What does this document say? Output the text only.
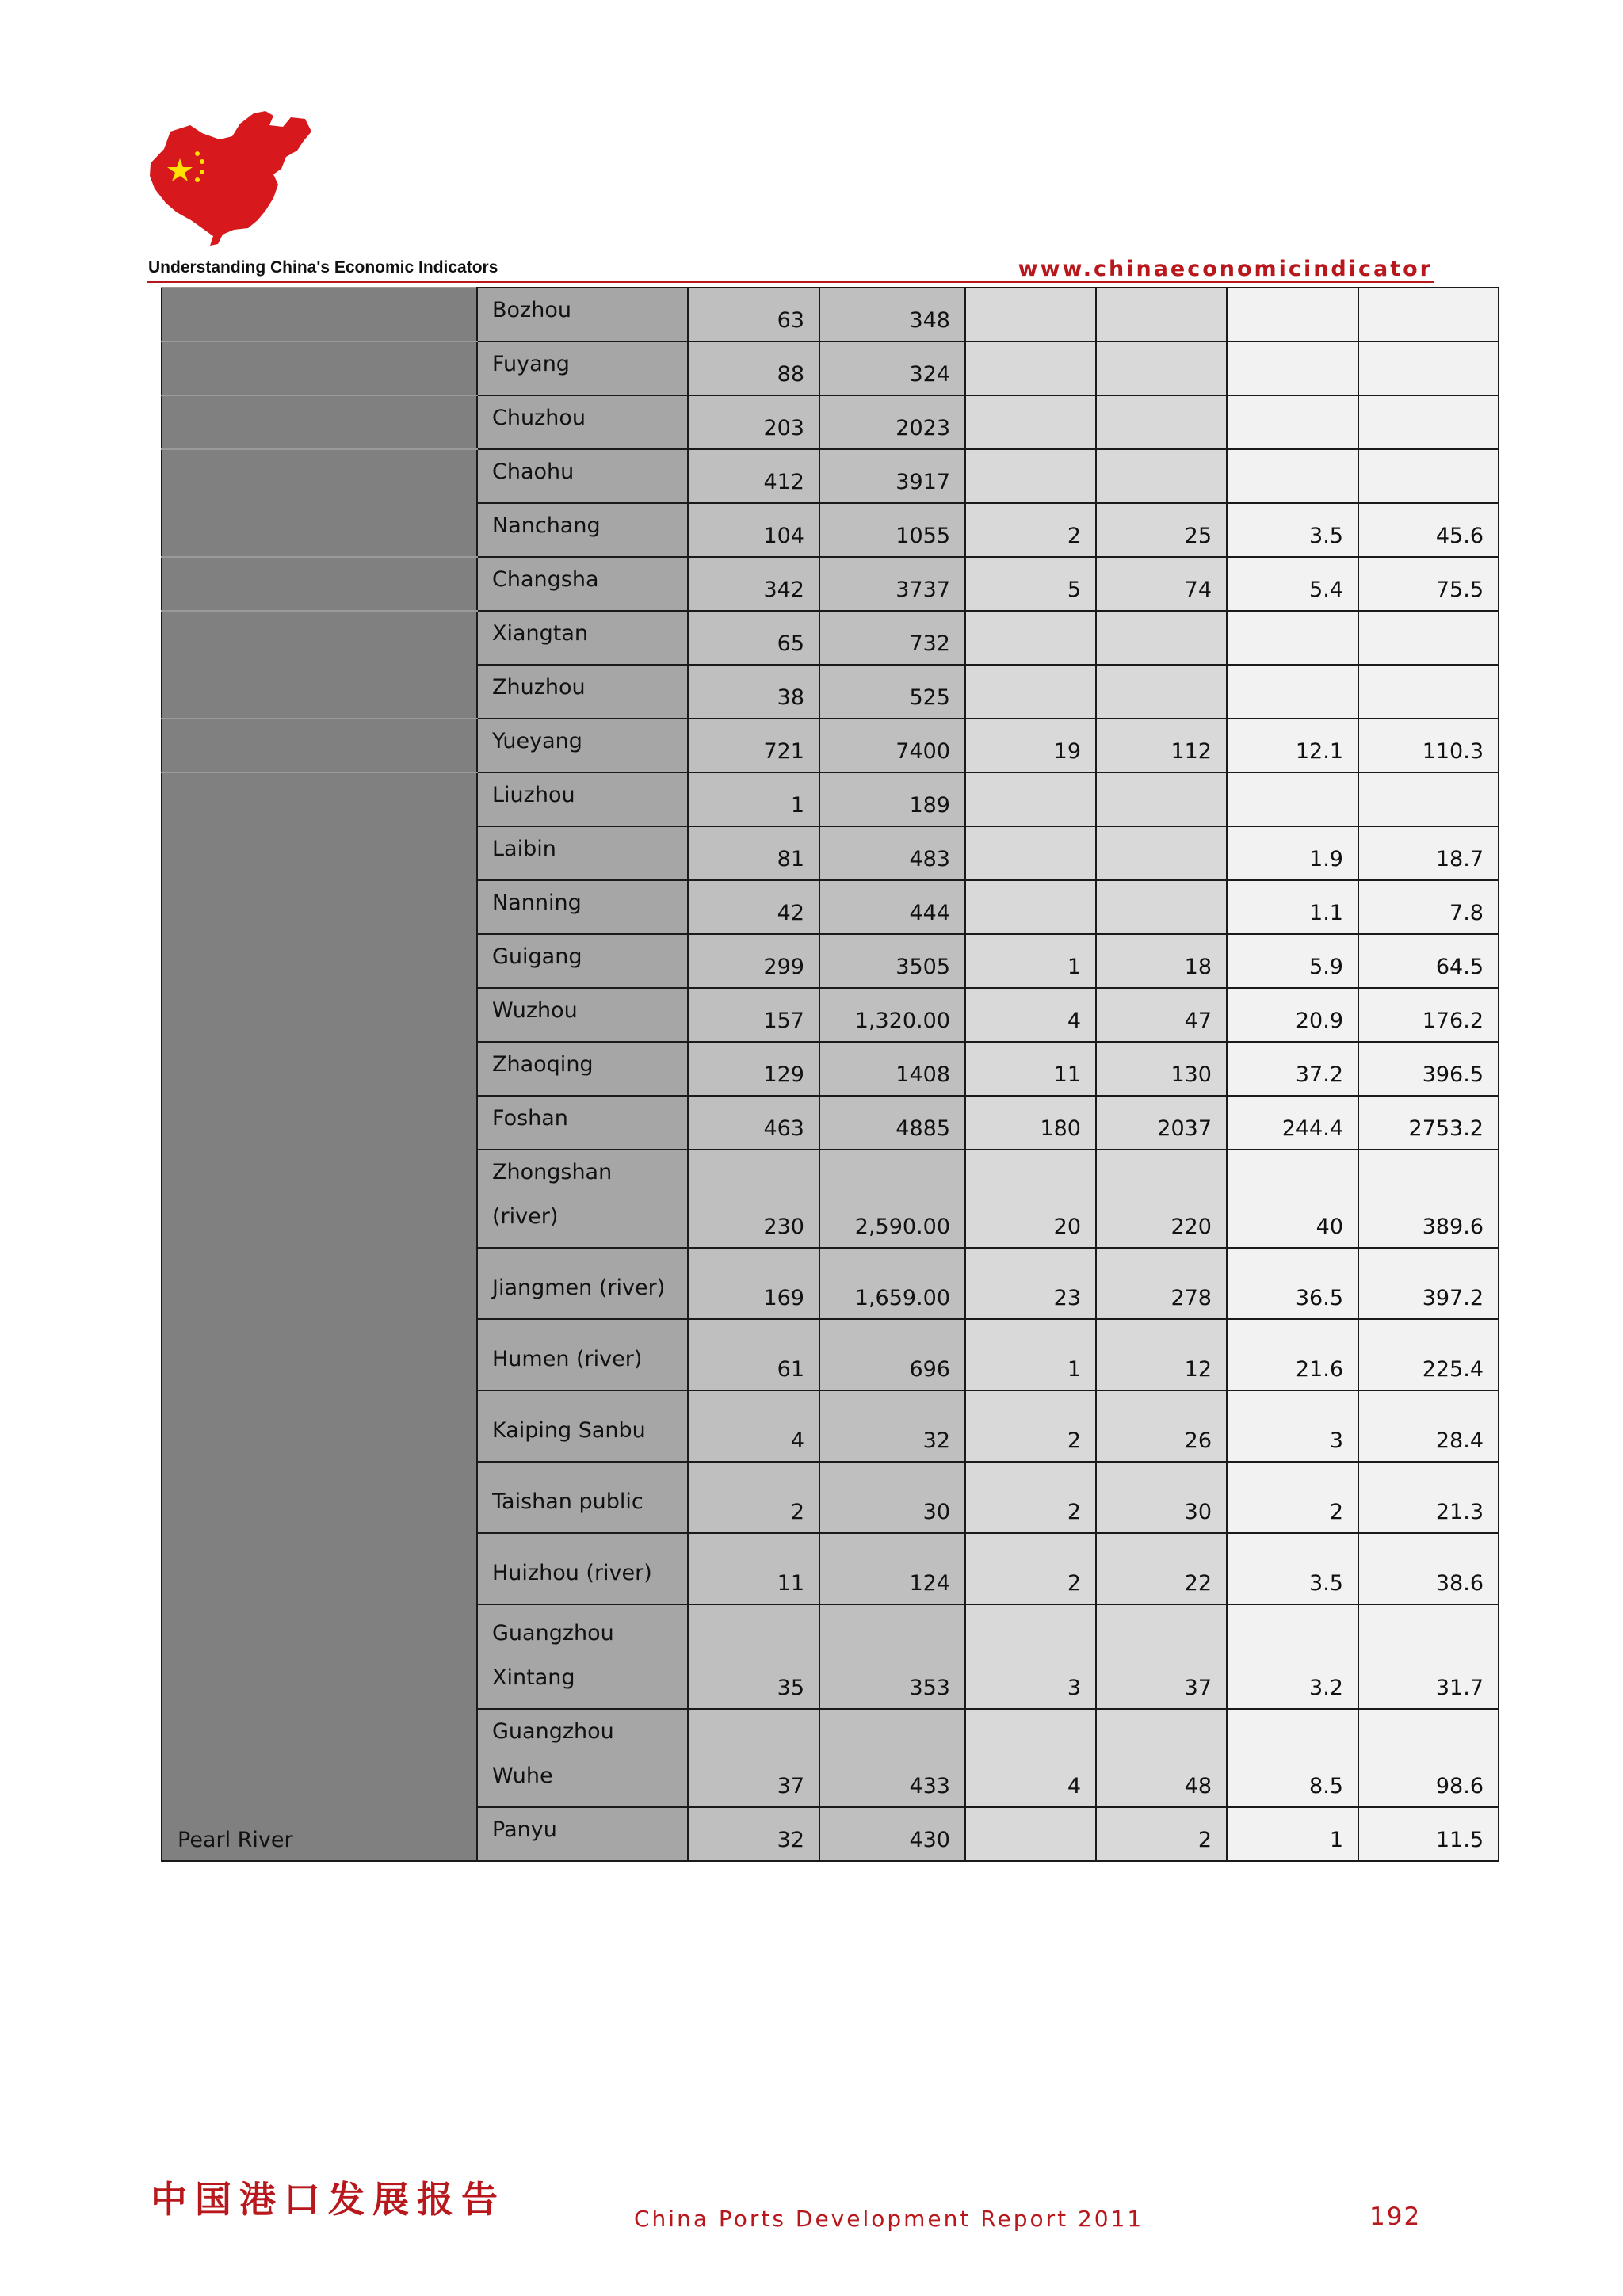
Understanding China's Economic Indicators	www.chinaeconomicindicator
	Bozhou	63	348				
	Fuyang	88	324				
	Chuzhou	203	2023				
	Chaohu	412	3917				
	Nanchang	104	1055	2	25	3.5	45.6
	Changsha	342	3737	5	74	5.4	75.5
	Xiangtan	65	732				
	Zhuzhou	38	525				
	Yueyang	721	7400	19	112	12.1	110.3
Pearl River	Liuzhou	1	189				
	Laibin	81	483			1.9	18.7
	Nanning	42	444			1.1	7.8
	Guigang	299	3505	1	18	5.9	64.5
	Wuzhou	157	1,320.00	4	47	20.9	176.2
	Zhaoqing	129	1408	11	130	37.2	396.5
	Foshan	463	4885	180	2037	244.4	2753.2
	Zhongshan (river)	230	2,590.00	20	220	40	389.6
	Jiangmen (river)	169	1,659.00	23	278	36.5	397.2
	Humen (river)	61	696	1	12	21.6	225.4
	Kaiping Sanbu	4	32	2	26	3	28.4
	Taishan public	2	30	2	30	2	21.3
	Huizhou (river)	11	124	2	22	3.5	38.6
	Guangzhou Xintang	35	353	3	37	3.2	31.7
	Guangzhou Wuhe	37	433	4	48	8.5	98.6
	Panyu	32	430		2	1	11.5
中国港口发展报告	China Ports Development Report 2011	192
